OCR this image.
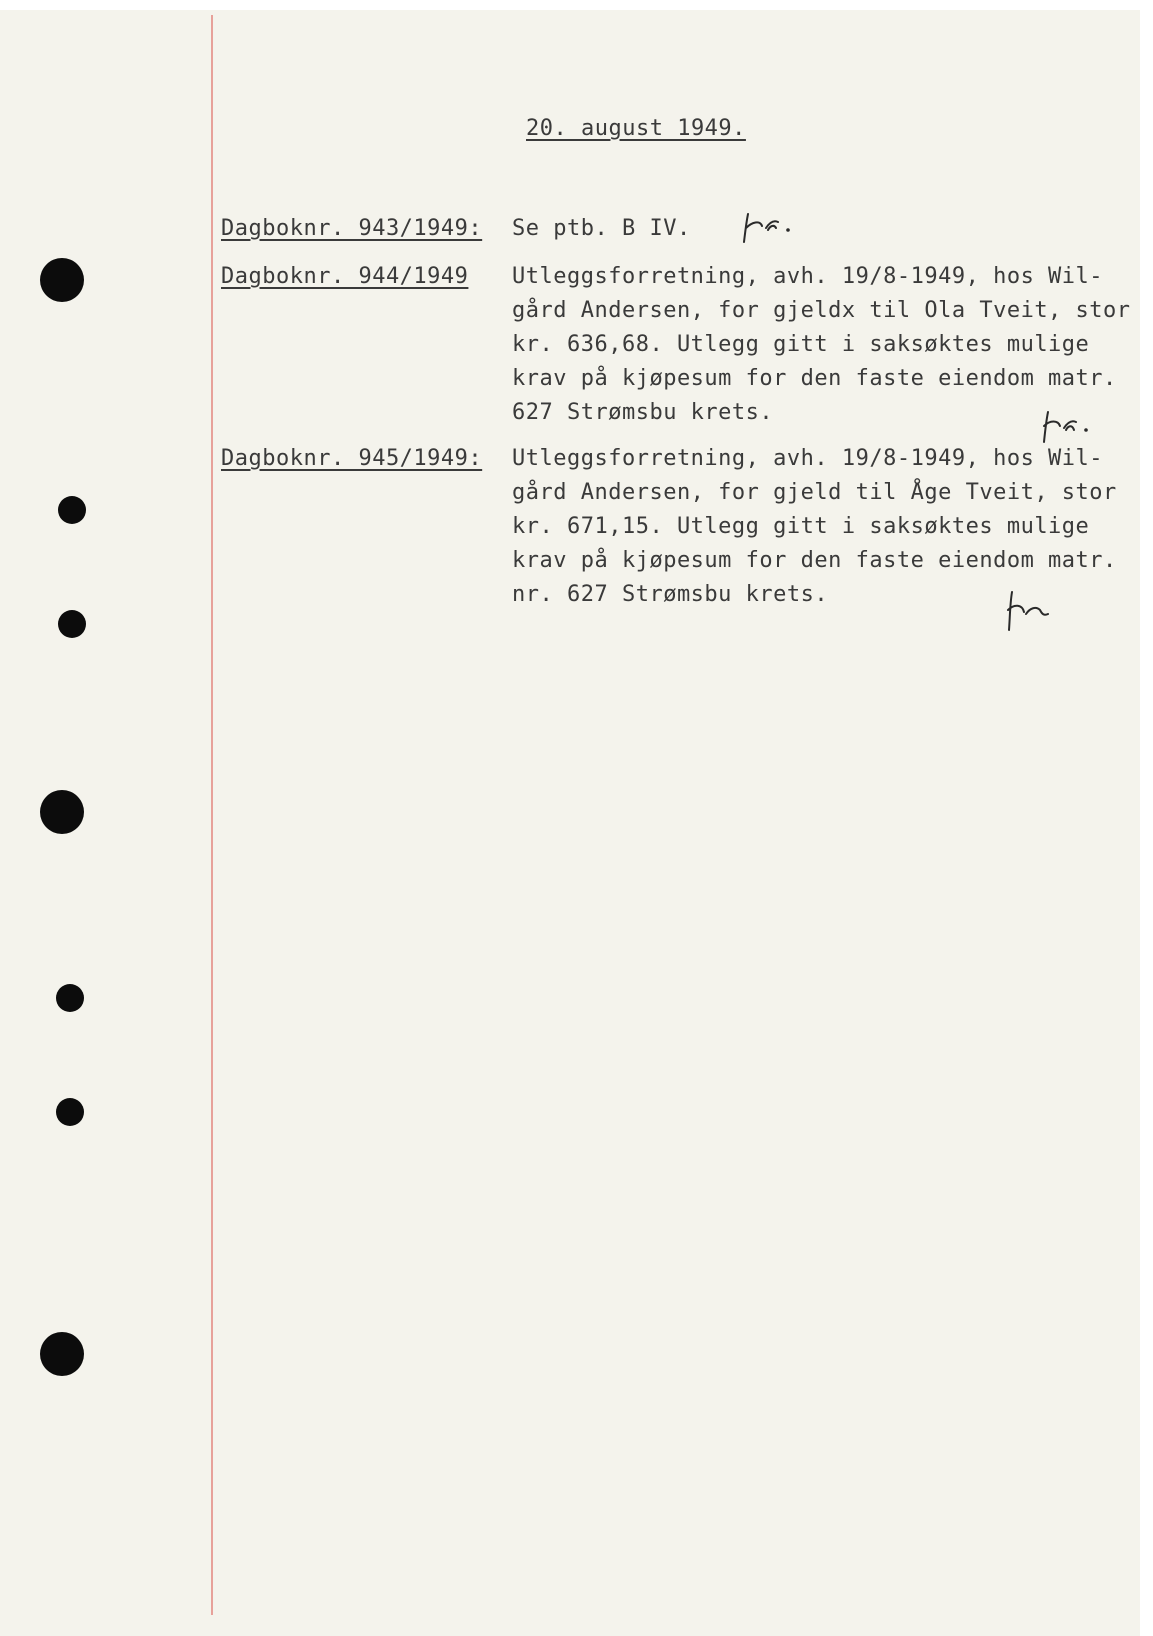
20. august 1949.
Dagboknr. 943/1949: Se ptb. B IV.
Dagboknr. 944/1949 Utleggsforretning, avh. 19/8-1949, hos Wil-
gård Andersen, for gjeldx til Ola Tveit, stor
kr. 636,68. Utlegg gitt i saksøktes mulige
krav på kjøpesum for den faste eiendom matr.
627 Strømsbu krets.
Dagboknr. 945/1949: Utleggsforretning, avh. 19/8-1949, hos Wil-
gård Andersen, for gjeld til Åge Tveit, stor
kr. 671,15. Utlegg gitt i saksøktes mulige
krav på kjøpesum for den faste eiendom matr.
nr. 627 Strømsbu krets.
